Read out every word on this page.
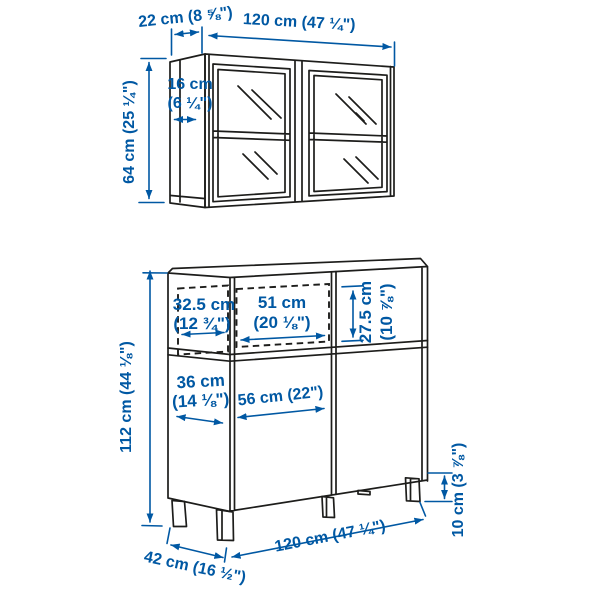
22 cm (8 ⅝") 120 cm (47 ¼")
64 cm (25 ¼") 16 cm
(6 ¼")
112 cm (44 ⅛")
32.5 cm
(12 ¾")
51 cm
(20 ⅛")	27.5 cm (10 ⅞")
36 cm
(14 ⅛") 56 cm (22")
42 cm (16 ½")
120 cm (47 ¼")	10 cm (3 ⅞")
